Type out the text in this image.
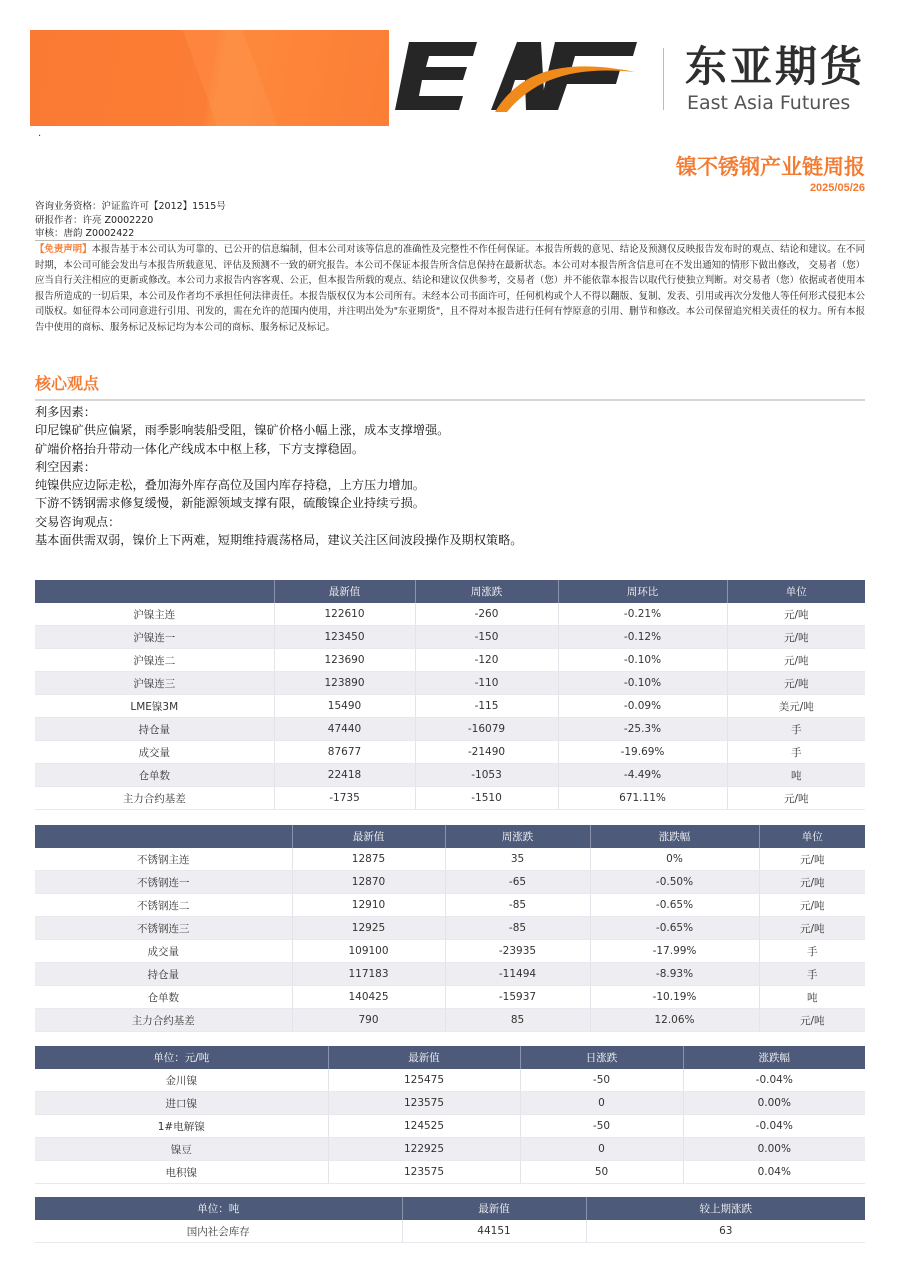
东亚期货
East Asia Futures
.
镍不锈钢产业链周报
2025/05/26
咨询业务资格：沪证监许可【2012】1515号
研报作者：许亮 Z0002220
审核：唐韵 Z0002422
【免责声明】本报告基于本公司认为可靠的、已公开的信息编制，但本公司对该等信息的准确性及完整性不作任何保证。本报告所载的意见、结论及预测仅反映报告发布时的观点、结论和建议。在不同时期，本公司可能会发出与本报告所载意见、评估及预测不一致的研究报告。本公司不保证本报告所含信息保持在最新状态。本公司对本报告所含信息可在不发出通知的情形下做出修改， 交易者（您）应当自行关注相应的更新或修改。本公司力求报告内容客观、公正，但本报告所载的观点、结论和建议仅供参考，交易者（您）并不能依靠本报告以取代行使独立判断。对交易者（您）依据或者使用本报告所造成的一切后果，本公司及作者均不承担任何法律责任。本报告版权仅为本公司所有。未经本公司书面许可，任何机构或个人不得以翻版、复制、发表、引用或再次分发他人等任何形式侵犯本公司版权。如征得本公司同意进行引用、刊发的，需在允许的范围内使用，并注明出处为"东亚期货"，且不得对本报告进行任何有悖原意的引用、删节和修改。本公司保留追究相关责任的权力。所有本报告中使用的商标、服务标记及标记均为本公司的商标、服务标记及标记。
核心观点
利多因素：
印尼镍矿供应偏紧，雨季影响装船受阻，镍矿价格小幅上涨，成本支撑增强。
矿端价格抬升带动一体化产线成本中枢上移，下方支撑稳固。
利空因素：
纯镍供应边际走松，叠加海外库存高位及国内库存持稳，上方压力增加。
下游不锈钢需求修复缓慢，新能源领域支撑有限，硫酸镍企业持续亏损。
交易咨询观点：
基本面供需双弱，镍价上下两难，短期维持震荡格局，建议关注区间波段操作及期权策略。
	最新值	周涨跌	周环比	单位
沪镍主连	122610	-260	-0.21%	元/吨
沪镍连一	123450	-150	-0.12%	元/吨
沪镍连二	123690	-120	-0.10%	元/吨
沪镍连三	123890	-110	-0.10%	元/吨
LME镍3M	15490	-115	-0.09%	美元/吨
持仓量	47440	-16079	-25.3%	手
成交量	87677	-21490	-19.69%	手
仓单数	22418	-1053	-4.49%	吨
主力合约基差	-1735	-1510	671.11%	元/吨
	最新值	周涨跌	涨跌幅	单位
不锈钢主连	12875	35	0%	元/吨
不锈钢连一	12870	-65	-0.50%	元/吨
不锈钢连二	12910	-85	-0.65%	元/吨
不锈钢连三	12925	-85	-0.65%	元/吨
成交量	109100	-23935	-17.99%	手
持仓量	117183	-11494	-8.93%	手
仓单数	140425	-15937	-10.19%	吨
主力合约基差	790	85	12.06%	元/吨
单位：元/吨	最新值	日涨跌	涨跌幅
金川镍	125475	-50	-0.04%
进口镍	123575	0	0.00%
1#电解镍	124525	-50	-0.04%
镍豆	122925	0	0.00%
电积镍	123575	50	0.04%
单位：吨	最新值	较上期涨跌
国内社会库存	44151	63
